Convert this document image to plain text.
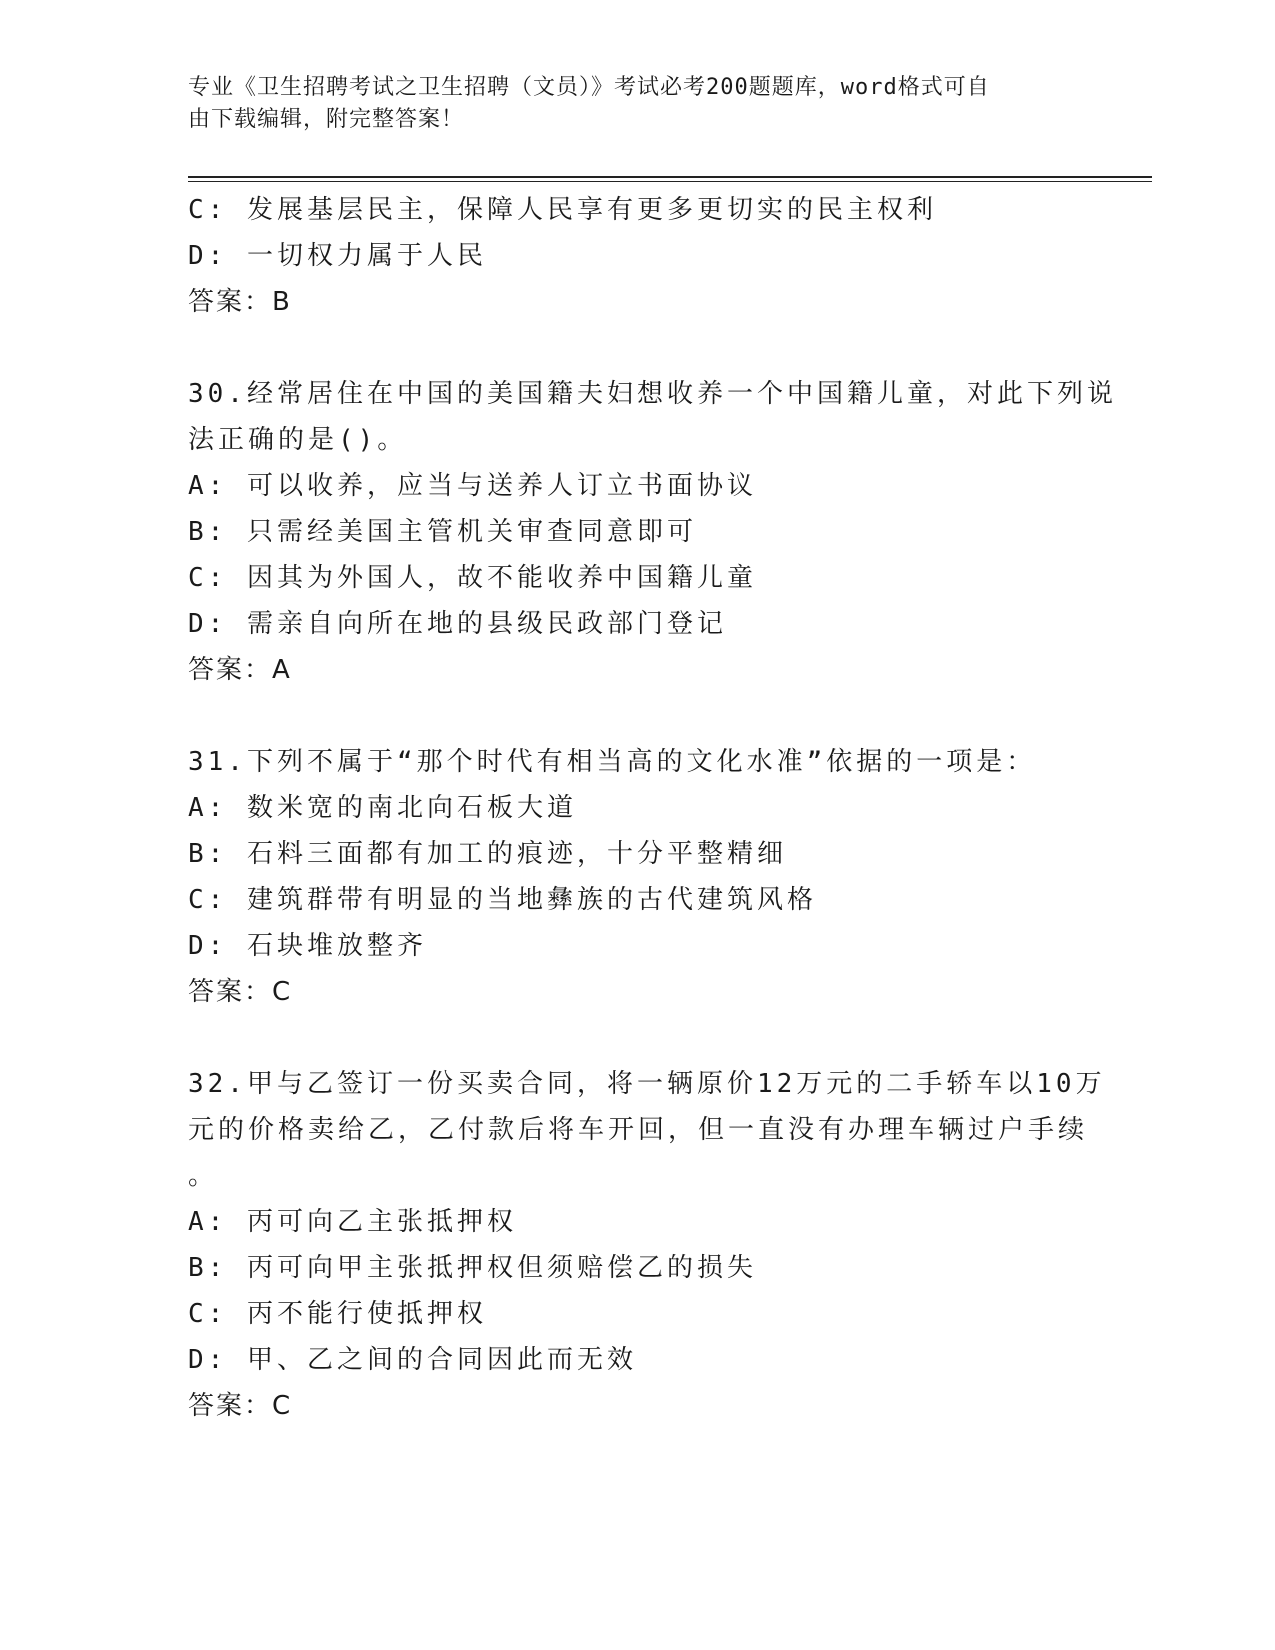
专业《卫生招聘考试之卫生招聘（文员）》考试必考200题题库，word格式可自
由下载编辑，附完整答案！
C: 发展基层民主，保障人民享有更多更切实的民主权利
D: 一切权力属于人民
答案：B
30.经常居住在中国的美国籍夫妇想收养一个中国籍儿童，对此下列说
法正确的是()。
A: 可以收养，应当与送养人订立书面协议
B: 只需经美国主管机关审查同意即可
C: 因其为外国人，故不能收养中国籍儿童
D: 需亲自向所在地的县级民政部门登记
答案：A
31.下列不属于“那个时代有相当高的文化水准”依据的一项是：
A: 数米宽的南北向石板大道
B: 石料三面都有加工的痕迹，十分平整精细
C: 建筑群带有明显的当地彝族的古代建筑风格
D: 石块堆放整齐
答案：C
32.甲与乙签订一份买卖合同，将一辆原价12万元的二手轿车以10万
元的价格卖给乙，乙付款后将车开回，但一直没有办理车辆过户手续
。
A: 丙可向乙主张抵押权
B: 丙可向甲主张抵押权但须赔偿乙的损失
C: 丙不能行使抵押权
D: 甲、乙之间的合同因此而无效
答案：C
